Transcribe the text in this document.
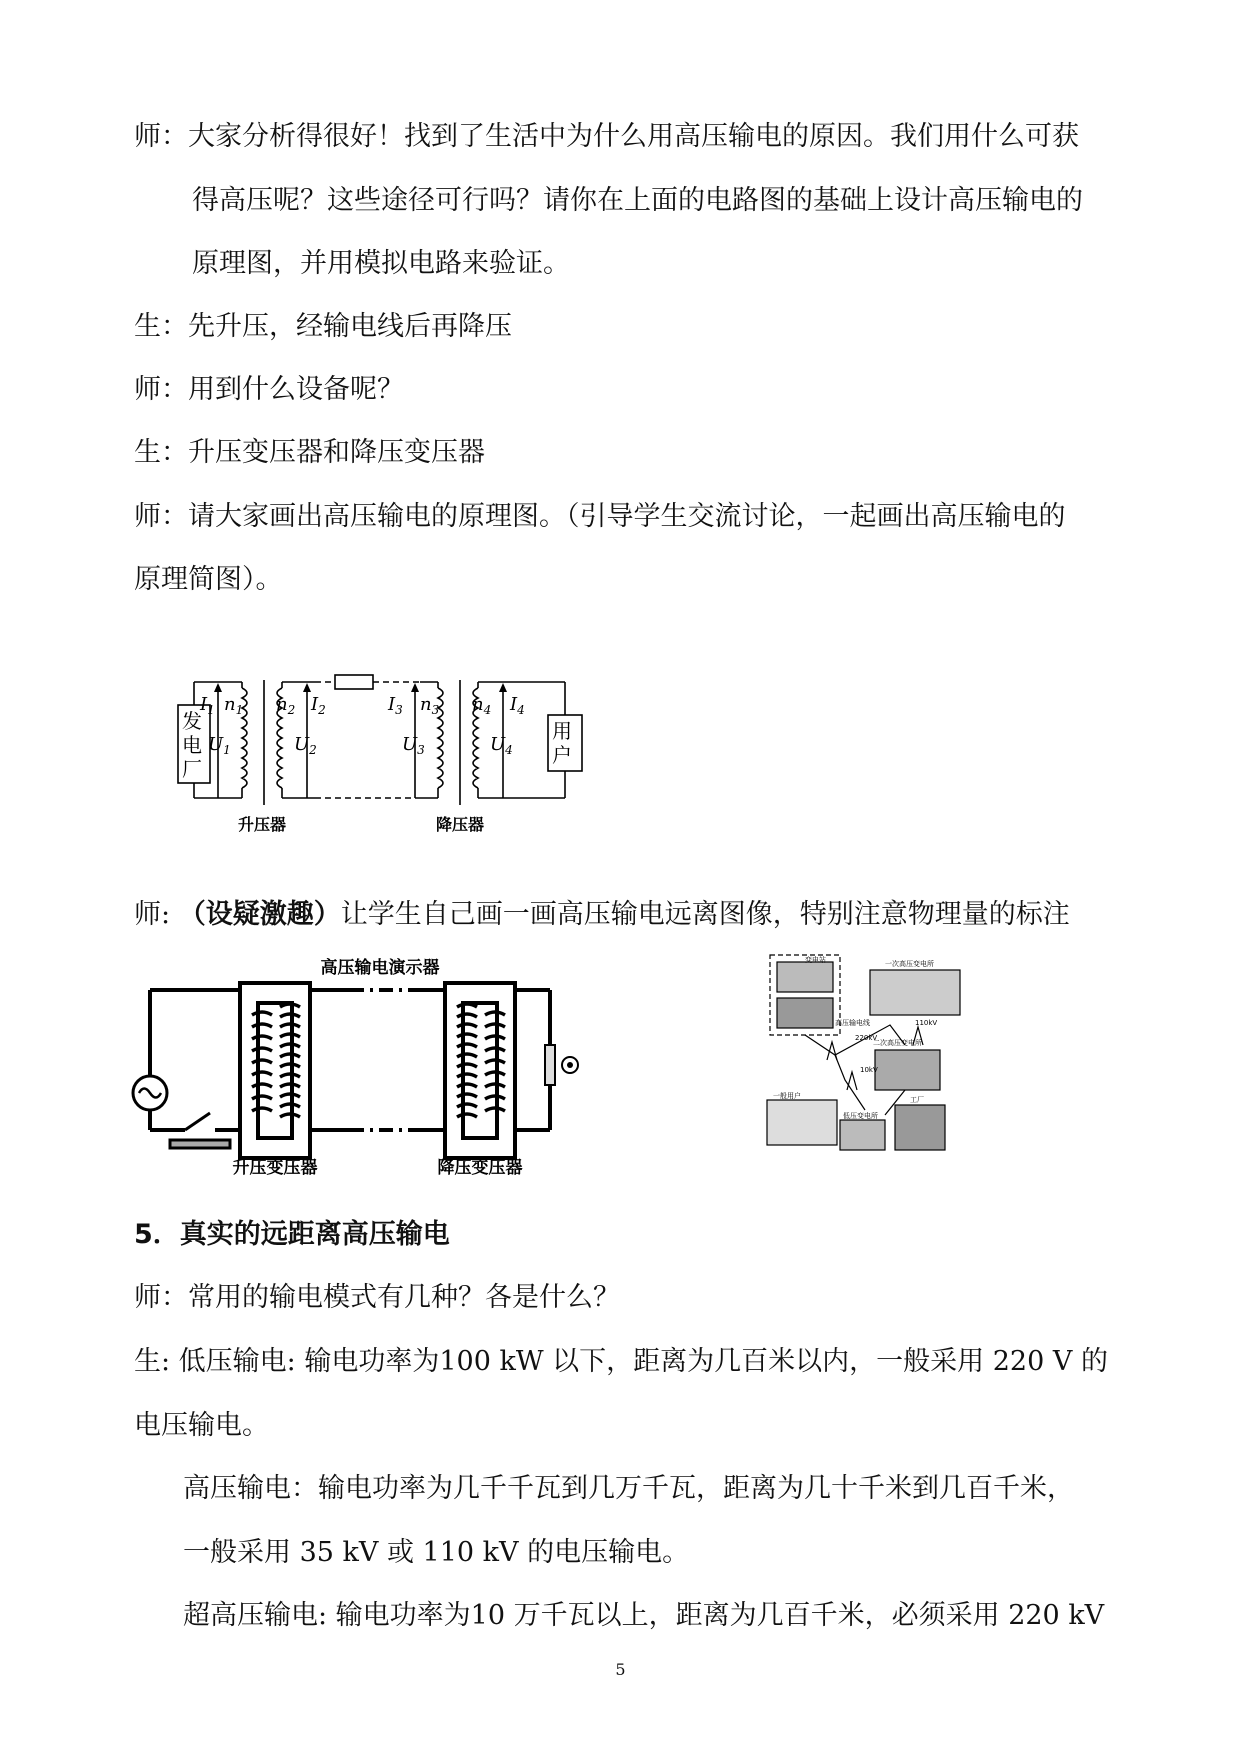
师：大家分析得很好！找到了生活中为什么用高压输电的原因。我们用什么可获
得高压呢？这些途径可行吗？请你在上面的电路图的基础上设计高压输电的
原理图，并用模拟电路来验证。
生：先升压，经输电线后再降压
师：用到什么设备呢？
生：升压变压器和降压变压器
师：请大家画出高压输电的原理图。（引导学生交流讨论，一起画出高压输电的
原理简图）。
发
电
厂
用
户
$I_1$ $n_1$
$U_1$
$n_2$ $I_2$
$U_2$
$I_3$ $n_3$
$U_3$
$n_4$ $I_4$
$U_4$
升压器	降压器
师: （设疑激趣）让学生自己画一画高压输电远离图像，特别注意物理量的标注
高压输电演示器
升压变压器	降压变压器
变电站	一次高压变电所
高压输电线
220kV
110kV
二次高压变电所
10kV
一般用户
低压变电所
工厂
5．真实的远距离高压输电
师：常用的输电模式有几种？各是什么？
生: 低压输电: 输电功率为100 kW 以下，距离为几百米以内，一般采用 220 V 的
电压输电。
高压输电：输电功率为几千千瓦到几万千瓦，距离为几十千米到几百千米，
一般采用 35 kV 或 110 kV 的电压输电。
超高压输电: 输电功率为10 万千瓦以上，距离为几百千米，必须采用 220 kV
5
